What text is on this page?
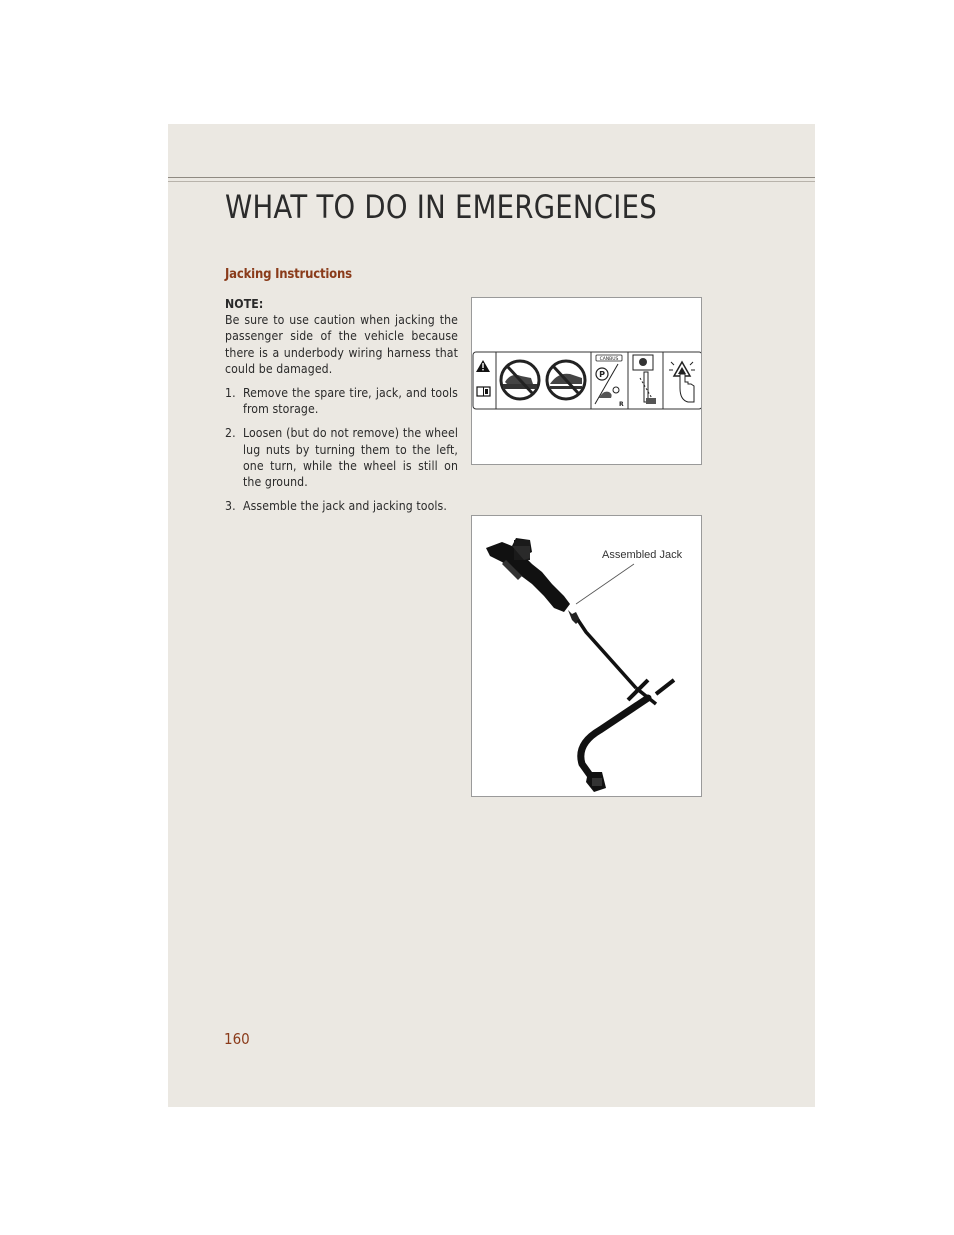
WHAT TO DO IN EMERGENCIES
Jacking Instructions
NOTE:

Be sure to use caution when jacking the passenger side of the vehicle because there is a underbody wiring harness that could be damaged.

1. Remove the spare tire, jack, and tools from storage.
2. Loosen (but do not remove) the wheel lug nuts by turning them to the left, one turn, while the wheel is still on the ground.
3. Assemble the jack and jacking tools.
CANBUS
P
R
Assembled Jack
160
